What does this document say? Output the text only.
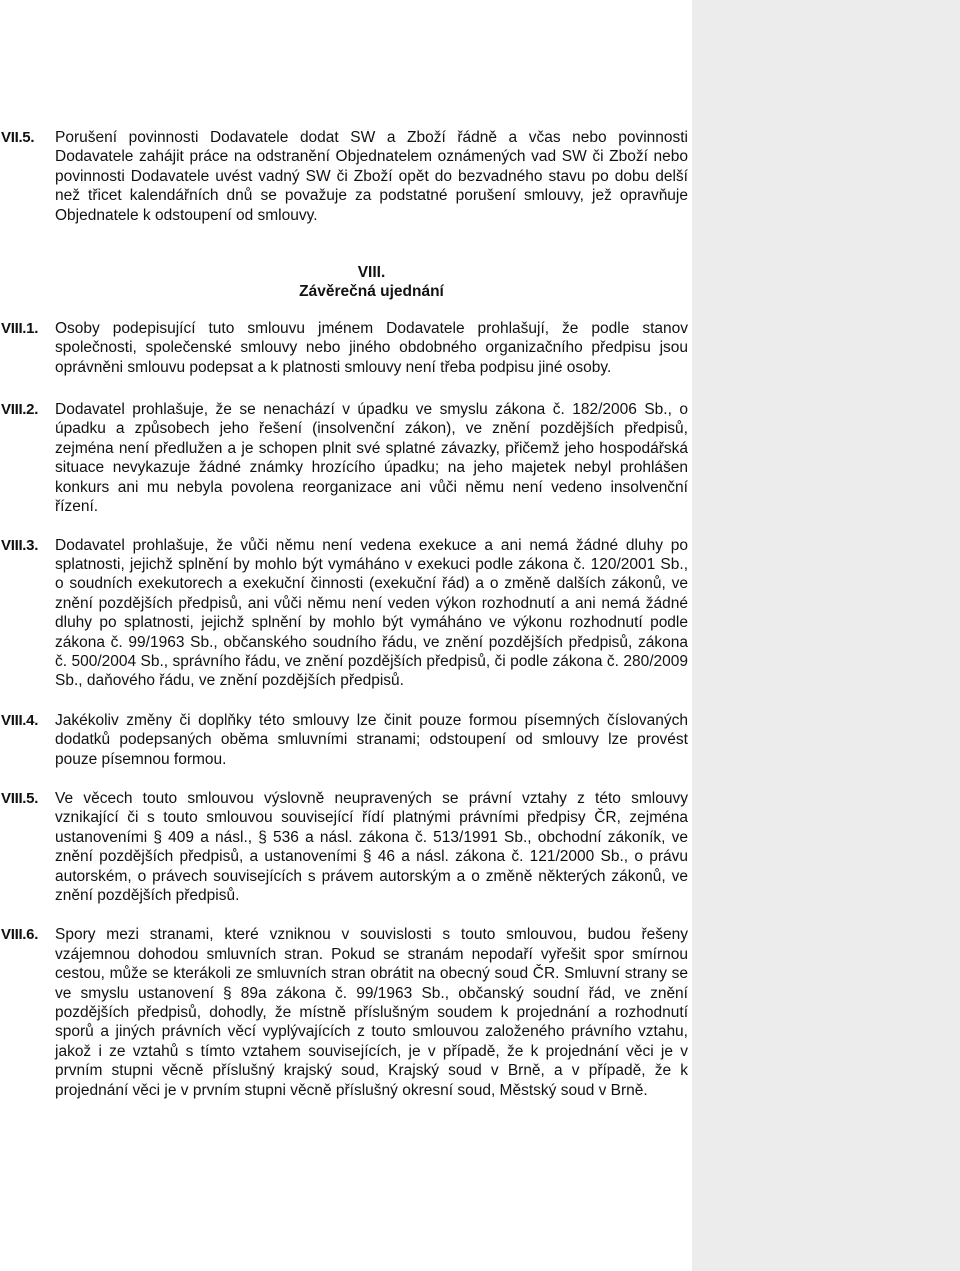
VII.5. Porušení povinnosti Dodavatele dodat SW a Zboží řádně a včas nebo povinnosti Dodavatele zahájit práce na odstranění Objednatelem oznámených vad SW či Zboží nebo povinnosti Dodavatele uvést vadný SW či Zboží opět do bezvadného stavu po dobu delší než třicet kalendářních dnů se považuje za podstatné porušení smlouvy, jež opravňuje Objednatele k odstoupení od smlouvy.
VIII.
Závěrečná ujednání
VIII.1. Osoby podepisující tuto smlouvu jménem Dodavatele prohlašují, že podle stanov společnosti, společenské smlouvy nebo jiného obdobného organizačního předpisu jsou oprávněni smlouvu podepsat a k platnosti smlouvy není třeba podpisu jiné osoby.
VIII.2. Dodavatel prohlašuje, že se nenachází v úpadku ve smyslu zákona č. 182/2006 Sb., o úpadku a způsobech jeho řešení (insolvenční zákon), ve znění pozdějších předpisů, zejména není předlužen a je schopen plnit své splatné závazky, přičemž jeho hospodářská situace nevykazuje žádné známky hrozícího úpadku; na jeho majetek nebyl prohlášen konkurs ani mu nebyla povolena reorganizace ani vůči němu není vedeno insolvenční řízení.
VIII.3. Dodavatel prohlašuje, že vůči němu není vedena exekuce a ani nemá žádné dluhy po splatnosti, jejichž splnění by mohlo být vymáháno v exekuci podle zákona č. 120/2001 Sb., o soudních exekutorech a exekuční činnosti (exekuční řád) a o změně dalších zákonů, ve znění pozdějších předpisů, ani vůči němu není veden výkon rozhodnutí a ani nemá žádné dluhy po splatnosti, jejichž splnění by mohlo být vymáháno ve výkonu rozhodnutí podle zákona č. 99/1963 Sb., občanského soudního řádu, ve znění pozdějších předpisů, zákona č. 500/2004 Sb., správního řádu, ve znění pozdějších předpisů, či podle zákona č. 280/2009 Sb., daňového řádu, ve znění pozdějších předpisů.
VIII.4. Jakékoliv změny či doplňky této smlouvy lze činit pouze formou písemných číslovaných dodatků podepsaných oběma smluvními stranami; odstoupení od smlouvy lze provést pouze písemnou formou.
VIII.5. Ve věcech touto smlouvou výslovně neupravených se právní vztahy z této smlouvy vznikající či s touto smlouvou související řídí platnými právními předpisy ČR, zejména ustanoveními § 409 a násl., § 536 a násl. zákona č. 513/1991 Sb., obchodní zákoník, ve znění pozdějších předpisů, a ustanoveními § 46 a násl. zákona č. 121/2000 Sb., o právu autorském, o právech souvisejících s právem autorským a o změně některých zákonů, ve znění pozdějších předpisů.
VIII.6. Spory mezi stranami, které vzniknou v souvislosti s touto smlouvou, budou řešeny vzájemnou dohodou smluvních stran. Pokud se stranám nepodaří vyřešit spor smírnou cestou, může se kterákoli ze smluvních stran obrátit na obecný soud ČR. Smluvní strany se ve smyslu ustanovení § 89a zákona č. 99/1963 Sb., občanský soudní řád, ve znění pozdějších předpisů, dohodly, že místně příslušným soudem k projednání a rozhodnutí sporů a jiných právních věcí vyplývajících z touto smlouvou založeného právního vztahu, jakož i ze vztahů s tímto vztahem souvisejících, je v případě, že k projednání věci je v prvním stupni věcně příslušný krajský soud, Krajský soud v Brně, a v případě, že k projednání věci je v prvním stupni věcně příslušný okresní soud, Městský soud v Brně.
